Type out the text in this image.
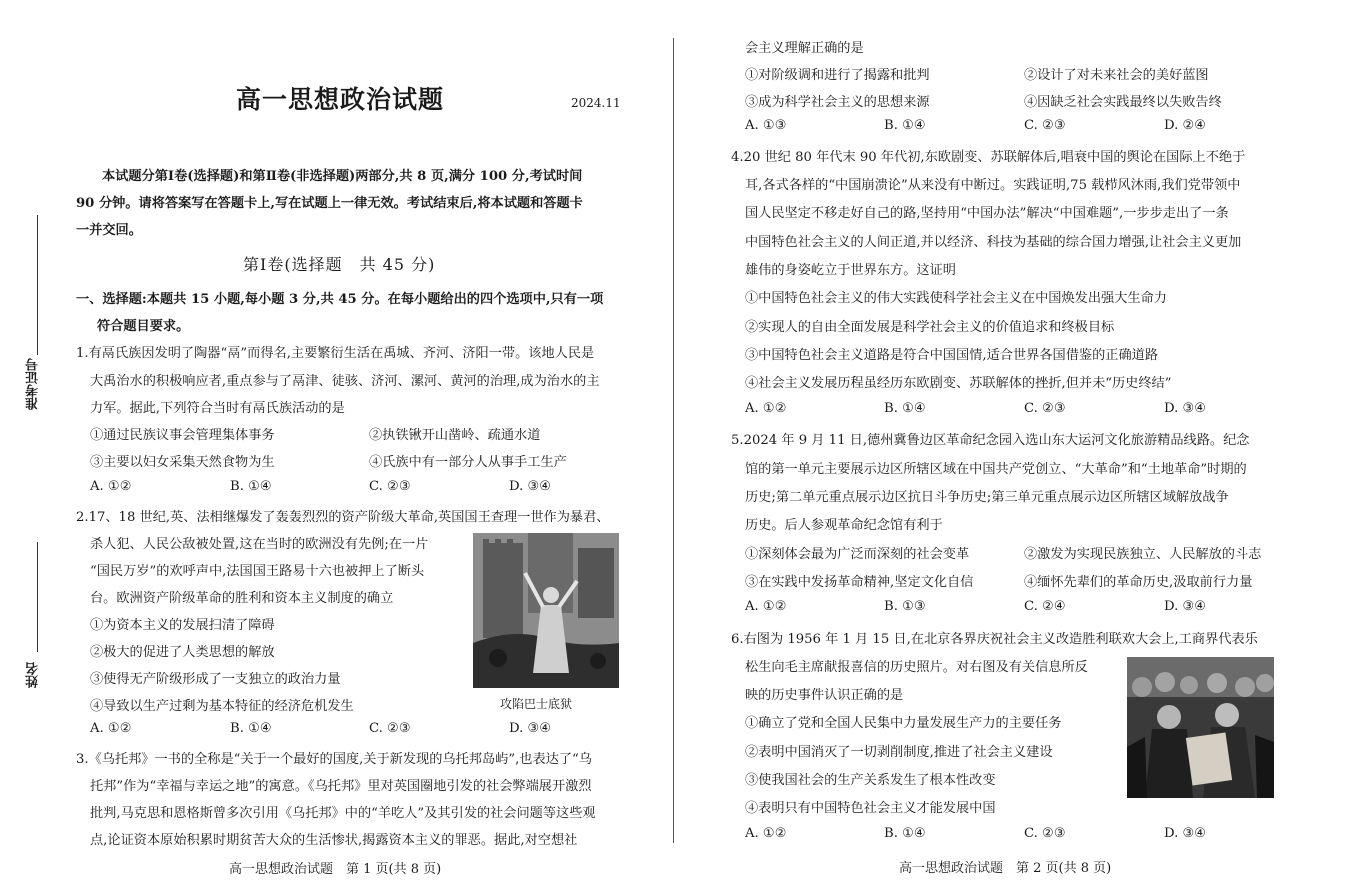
准考证号
姓名
高一思想政治试题	2024.11
本试题分第Ⅰ卷(选择题)和第Ⅱ卷(非选择题)两部分,共 8 页,满分 100 分,考试时间
90 分钟。请将答案写在答题卡上,写在试题上一律无效。考试结束后,将本试题和答题卡
一并交回。
第Ⅰ卷(选择题　共 45 分)
一、选择题:本题共 15 小题,每小题 3 分,共 45 分。在每小题给出的四个选项中,只有一项
符合题目要求。
1.有鬲氏族因发明了陶器“鬲”而得名,主要繁衍生活在禹城、齐河、济阳一带。该地人民是
大禹治水的积极响应者,重点参与了鬲津、徒骇、济河、漯河、黄河的治理,成为治水的主
力军。据此,下列符合当时有鬲氏族活动的是
①通过民族议事会管理集体事务	②执铁锹开山凿岭、疏通水道
③主要以妇女采集天然食物为生	④氏族中有一部分人从事手工生产
A. ①②	B. ①④	C. ②③	D. ③④
2.17、18 世纪,英、法相继爆发了轰轰烈烈的资产阶级大革命,英国国王查理一世作为暴君、
杀人犯、人民公敌被处置,这在当时的欧洲没有先例;在一片
“国民万岁”的欢呼声中,法国国王路易十六也被押上了断头
台。欧洲资产阶级革命的胜利和资本主义制度的确立
①为资本主义的发展扫清了障碍
②极大的促进了人类思想的解放
③使得无产阶级形成了一支独立的政治力量
④导致以生产过剩为基本特征的经济危机发生
A. ①②	B. ①④	C. ②③	D. ③④
攻陷巴士底狱
3.《乌托邦》一书的全称是“关于一个最好的国度,关于新发现的乌托邦岛屿”,也表达了“乌
托邦”作为“幸福与幸运之地”的寓意。《乌托邦》里对英国圈地引发的社会弊端展开激烈
批判,马克思和恩格斯曾多次引用《乌托邦》中的“羊吃人”及其引发的社会问题等这些观
点,论证资本原始积累时期贫苦大众的生活惨状,揭露资本主义的罪恶。据此,对空想社
高一思想政治试题　第 1 页(共 8 页)
会主义理解正确的是
①对阶级调和进行了揭露和批判	②设计了对未来社会的美好蓝图
③成为科学社会主义的思想来源	④因缺乏社会实践最终以失败告终
A. ①③	B. ①④	C. ②③	D. ②④
4.20 世纪 80 年代末 90 年代初,东欧剧变、苏联解体后,唱衰中国的舆论在国际上不绝于
耳,各式各样的“中国崩溃论”从来没有中断过。实践证明,75 载栉风沐雨,我们党带领中
国人民坚定不移走好自己的路,坚持用“中国办法”解决“中国难题”,一步步走出了一条
中国特色社会主义的人间正道,并以经济、科技为基础的综合国力增强,让社会主义更加
雄伟的身姿屹立于世界东方。这证明
①中国特色社会主义的伟大实践使科学社会主义在中国焕发出强大生命力
②实现人的自由全面发展是科学社会主义的价值追求和终极目标
③中国特色社会主义道路是符合中国国情,适合世界各国借鉴的正确道路
④社会主义发展历程虽经历东欧剧变、苏联解体的挫折,但并未“历史终结”
A. ①②	B. ①④	C. ②③	D. ③④
5.2024 年 9 月 11 日,德州冀鲁边区革命纪念园入选山东大运河文化旅游精品线路。纪念
馆的第一单元主要展示边区所辖区域在中国共产党创立、“大革命”和“土地革命”时期的
历史;第二单元重点展示边区抗日斗争历史;第三单元重点展示边区所辖区域解放战争
历史。后人参观革命纪念馆有利于
①深刻体会最为广泛而深刻的社会变革	②激发为实现民族独立、人民解放的斗志
③在实践中发扬革命精神,坚定文化自信	④缅怀先辈们的革命历史,汲取前行力量
A. ①②	B. ①③	C. ②④	D. ③④
6.右图为 1956 年 1 月 15 日,在北京各界庆祝社会主义改造胜利联欢大会上,工商界代表乐
松生向毛主席献报喜信的历史照片。对右图及有关信息所反
映的历史事件认识正确的是
①确立了党和全国人民集中力量发展生产力的主要任务
②表明中国消灭了一切剥削制度,推进了社会主义建设
③使我国社会的生产关系发生了根本性改变
④表明只有中国特色社会主义才能发展中国
A. ①②	B. ①④	C. ②③	D. ③④
高一思想政治试题　第 2 页(共 8 页)
